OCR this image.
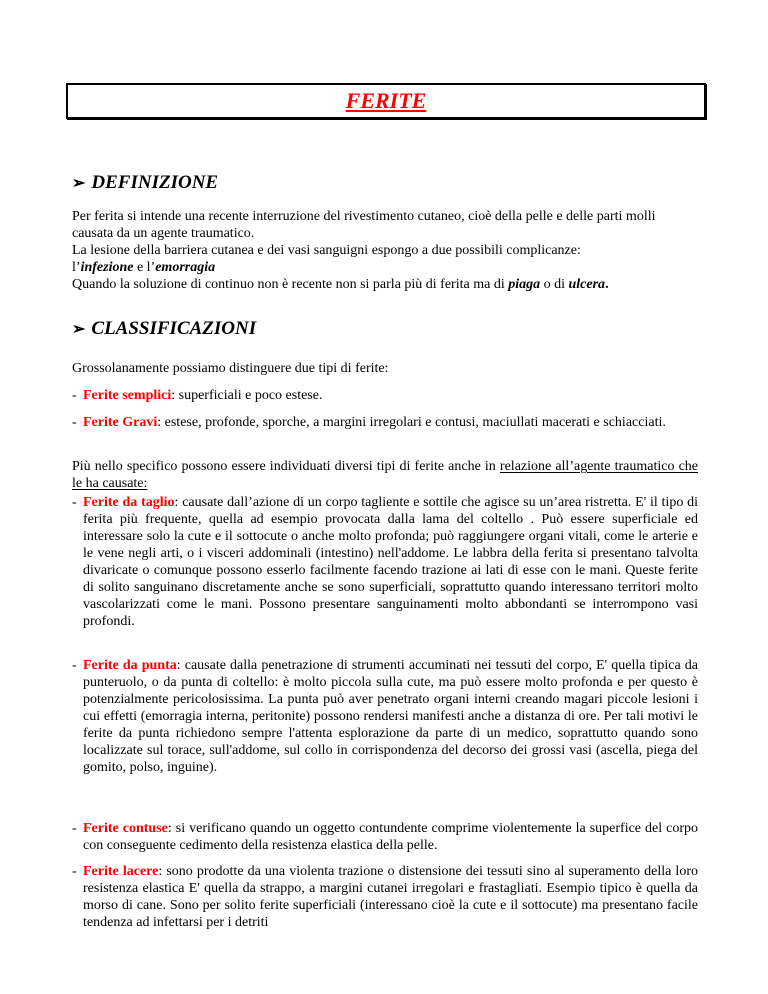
FERITE
➢ DEFINIZIONE

Per ferita si intende una recente interruzione del rivestimento cutaneo, cioè della pelle e delle parti molli causata da un agente traumatico.

La lesione della barriera cutanea e dei vasi sanguigni espongo a due possibili complicanze:

l’infezione e l’emorragia

Quando la soluzione di continuo non è recente non si parla più di ferita ma di piaga o di ulcera.

➢ CLASSIFICAZIONI
Grossolanamente possiamo distinguere due tipi di ferite:
- Ferite semplici: superficiali e poco estese.
- Ferite Gravi: estese, profonde, sporche, a margini irregolari e contusi, maciullati macerati e schiacciati.
Più nello specifico possono essere individuati diversi tipi di ferite anche in relazione all’agente traumatico che le ha causate:
- Ferite da taglio: causate dall’azione di un corpo tagliente e sottile che agisce su un’area ristretta. E' il tipo di ferita più frequente, quella ad esempio provocata dalla lama del coltello . Può essere superficiale ed interessare solo la cute e il sottocute o anche molto profonda; può raggiungere organi vitali, come le arterie e le vene negli arti, o i visceri addominali (intestino) nell'addome. Le labbra della ferita si presentano talvolta divaricate o comunque possono esserlo facilmente facendo trazione ai lati di esse con le mani. Queste ferite di solito sanguinano discretamente anche se sono superficiali, soprattutto quando interessano territori molto vascolarizzati come le mani. Possono presentare sanguinamenti molto abbondanti se interrompono vasi profondi.
- Ferite da punta: causate dalla penetrazione di strumenti accuminati nei tessuti del corpo, E' quella tipica da punteruolo, o da punta di coltello: è molto piccola sulla cute, ma può essere molto profonda e per questo è potenzialmente pericolosissima. La punta può aver penetrato organi interni creando magari piccole lesioni i cui effetti (emorragia interna, peritonite) possono rendersi manifesti anche a distanza di ore. Per tali motivi le ferite da punta richiedono sempre l'attenta esplorazione da parte di un medico, soprattutto quando sono localizzate sul torace, sull'addome, sul collo in corrispondenza del decorso dei grossi vasi (ascella, piega del gomito, polso, inguine).
- Ferite contuse: si verificano quando un oggetto contundente comprime violentemente la superfice del corpo con conseguente cedimento della resistenza elastica della pelle.
- Ferite lacere: sono prodotte da una violenta trazione o distensione dei tessuti sino al superamento della loro resistenza elastica E' quella da strappo, a margini cutanei irregolari e frastagliati. Esempio tipico è quella da morso di cane. Sono per solito ferite superficiali (interessano cioè la cute e il sottocute) ma presentano facile tendenza ad infettarsi per i detriti
